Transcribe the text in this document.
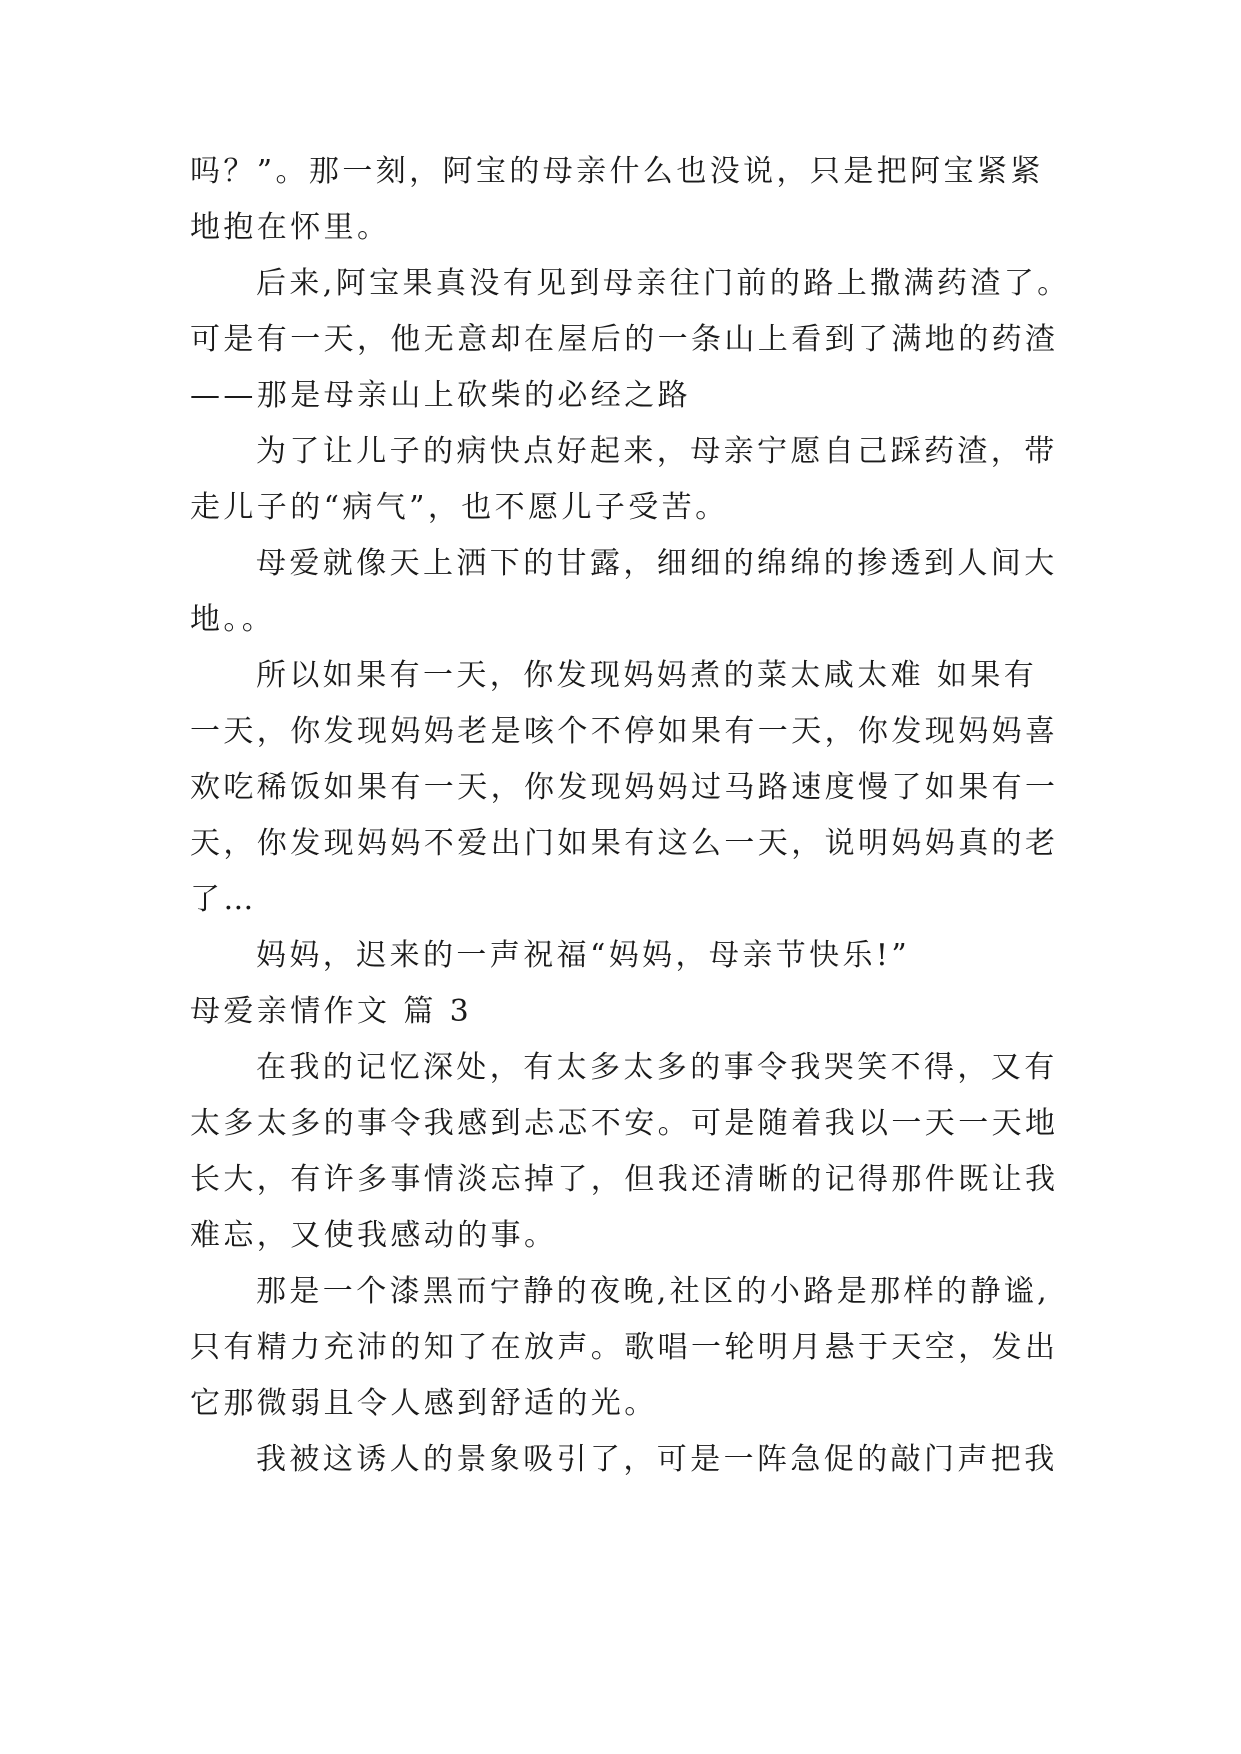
吗？”。那一刻，阿宝的母亲什么也没说，只是把阿宝紧紧
地抱在怀里。
后来,阿宝果真没有见到母亲往门前的路上撒满药渣了。
可是有一天，他无意却在屋后的一条山上看到了满地的药渣
——那是母亲山上砍柴的必经之路
为了让儿子的病快点好起来，母亲宁愿自己踩药渣，带
走儿子的“病气”，也不愿儿子受苦。
母爱就像天上洒下的甘露，细细的绵绵的掺透到人间大
地。。
所以如果有一天，你发现妈妈煮的菜太咸太难 如果有
一天，你发现妈妈老是咳个不停如果有一天，你发现妈妈喜
欢吃稀饭如果有一天，你发现妈妈过马路速度慢了如果有一
天，你发现妈妈不爱出门如果有这么一天，说明妈妈真的老
了…
妈妈，迟来的一声祝福“妈妈，母亲节快乐!”
母爱亲情作文 篇 3
在我的记忆深处，有太多太多的事令我哭笑不得，又有
太多太多的事令我感到忐忑不安。可是随着我以一天一天地
长大，有许多事情淡忘掉了，但我还清晰的记得那件既让我
难忘，又使我感动的事。
那是一个漆黑而宁静的夜晚,社区的小路是那样的静谧,
只有精力充沛的知了在放声。歌唱一轮明月悬于天空，发出
它那微弱且令人感到舒适的光。
我被这诱人的景象吸引了，可是一阵急促的敲门声把我
